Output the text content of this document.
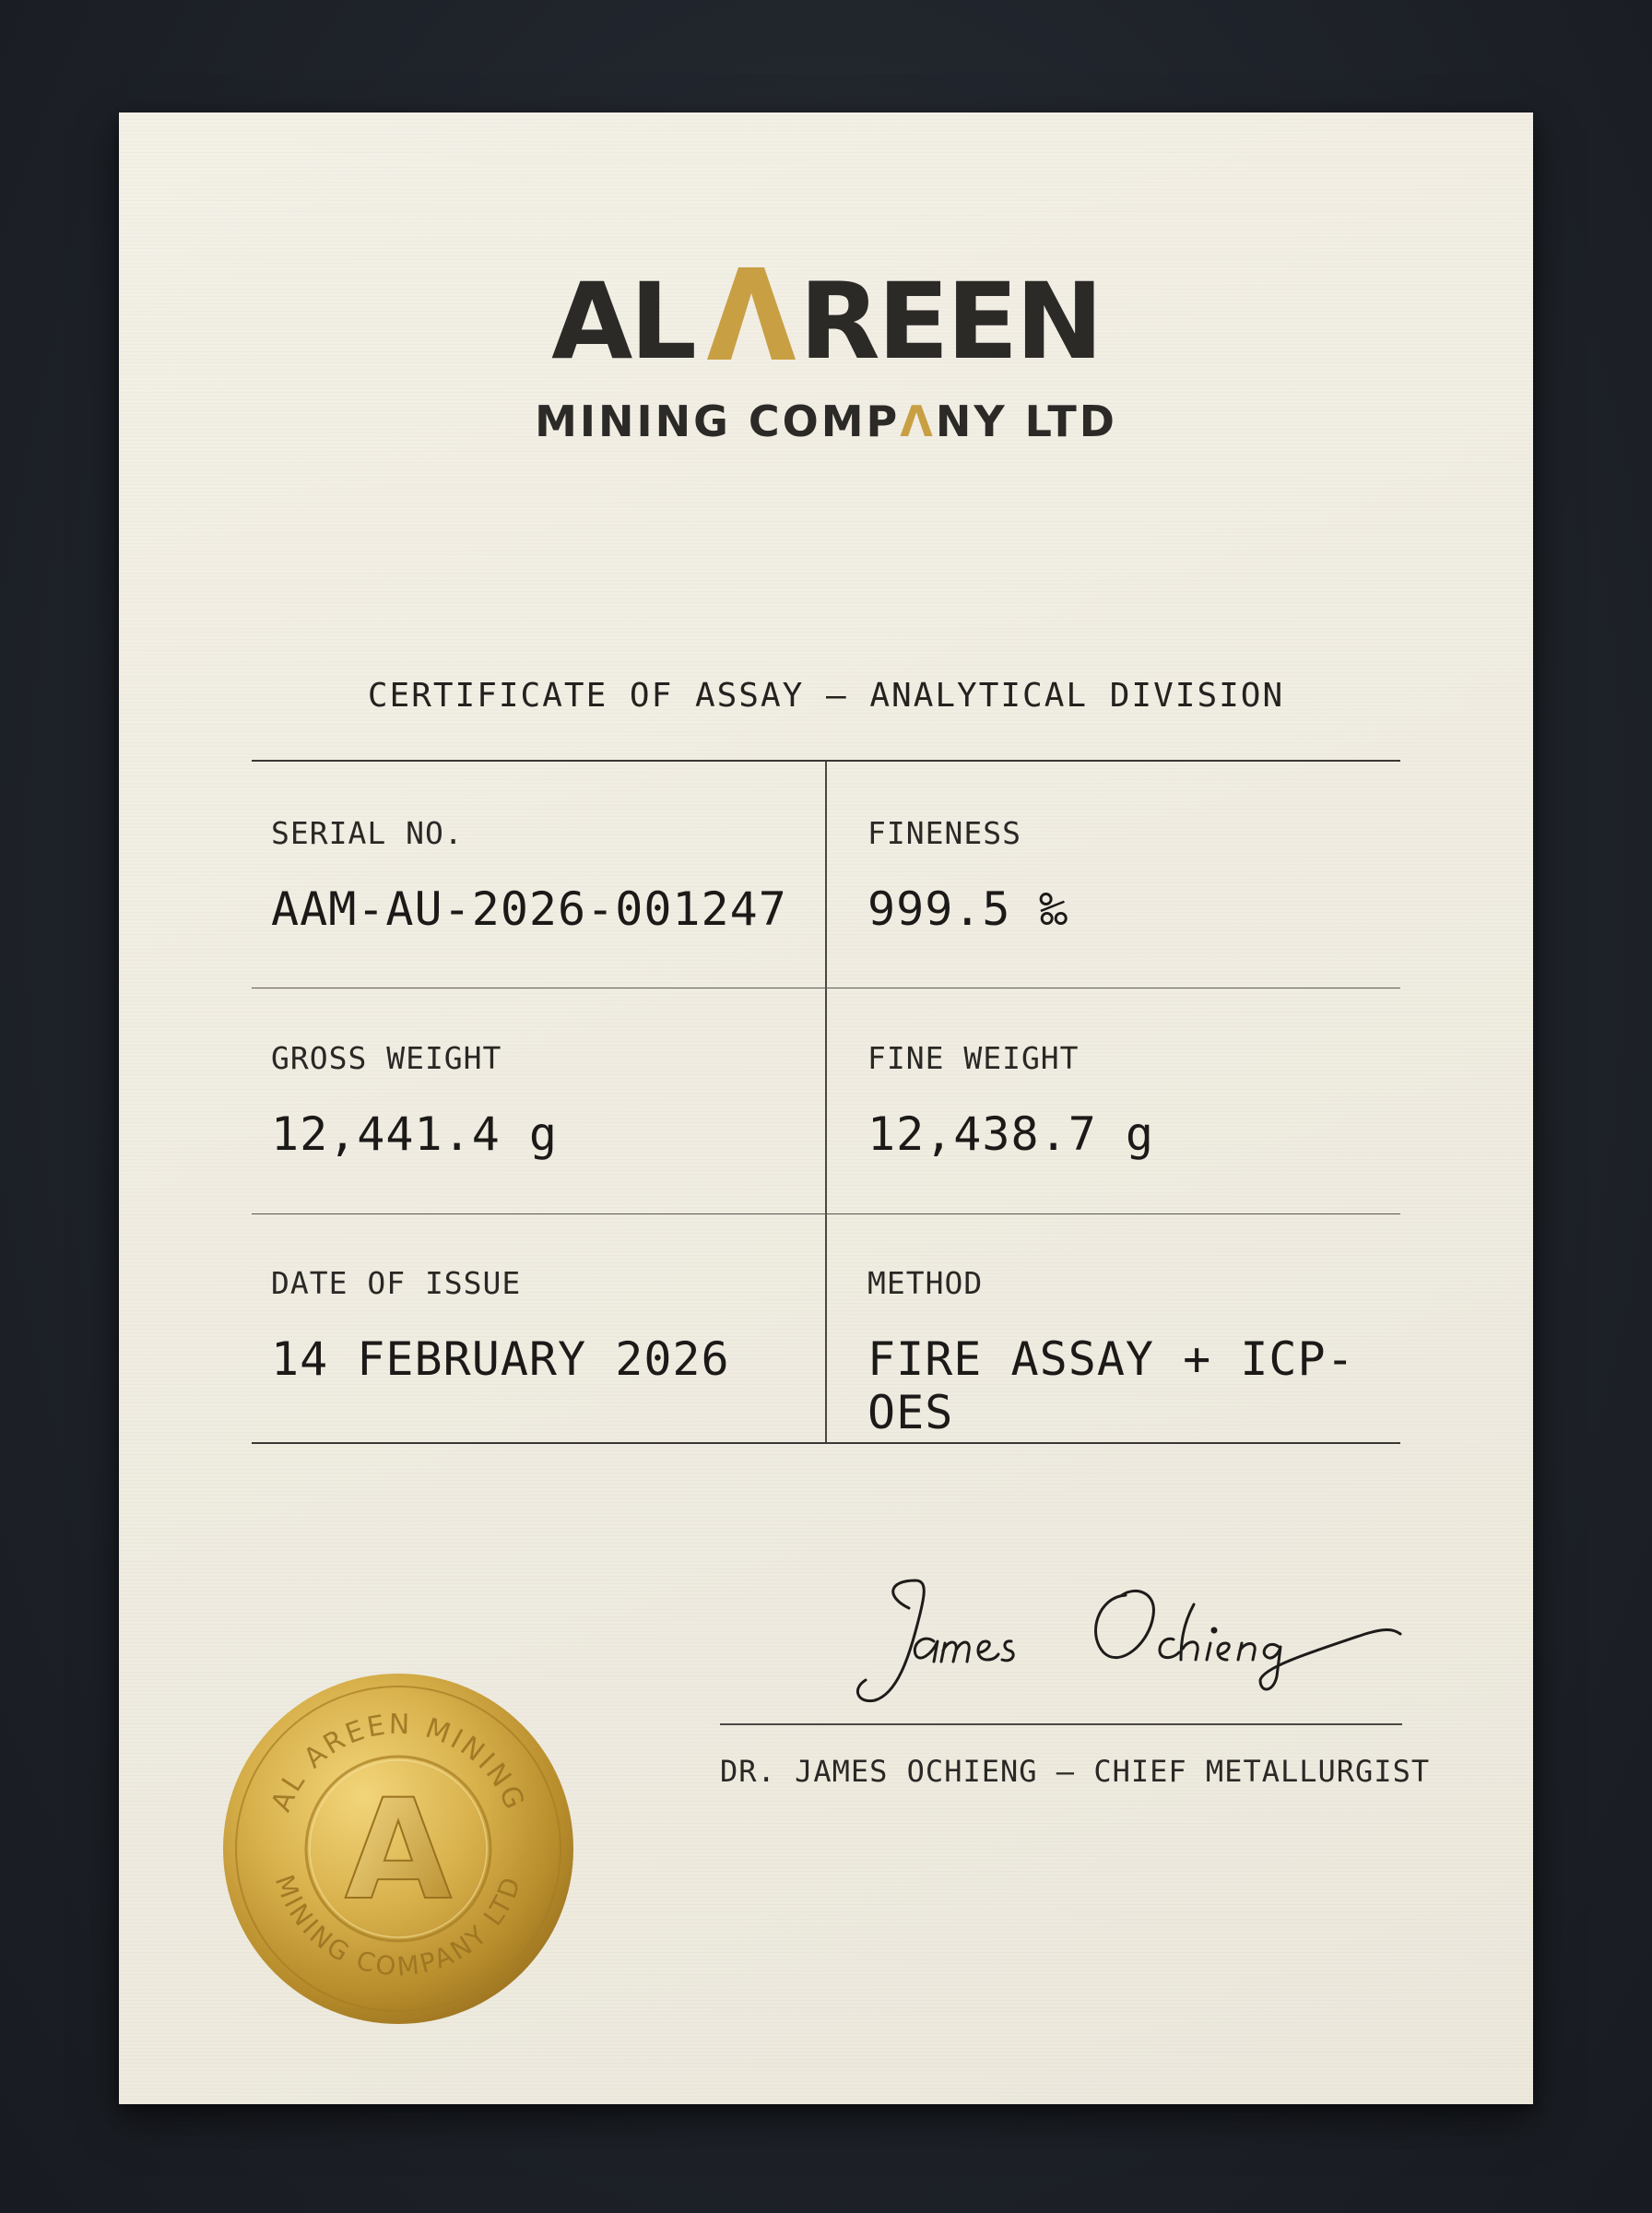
AL REEN
MINING COMPΛNY LTD
CERTIFICATE OF ASSAY — ANALYTICAL DIVISION
SERIAL NO.
AAM-AU-2026-001247
FINENESS
999.5 ‰
GROSS WEIGHT
12,441.4 g
FINE WEIGHT
12,438.7 g
DATE OF ISSUE
14 FEBRUARY 2026
METHOD
FIRE ASSAY + ICP-OES
DR. JAMES OCHIENG — CHIEF METALLURGIST
AL AREEN MINING
MINING COMPANY LTD
A
